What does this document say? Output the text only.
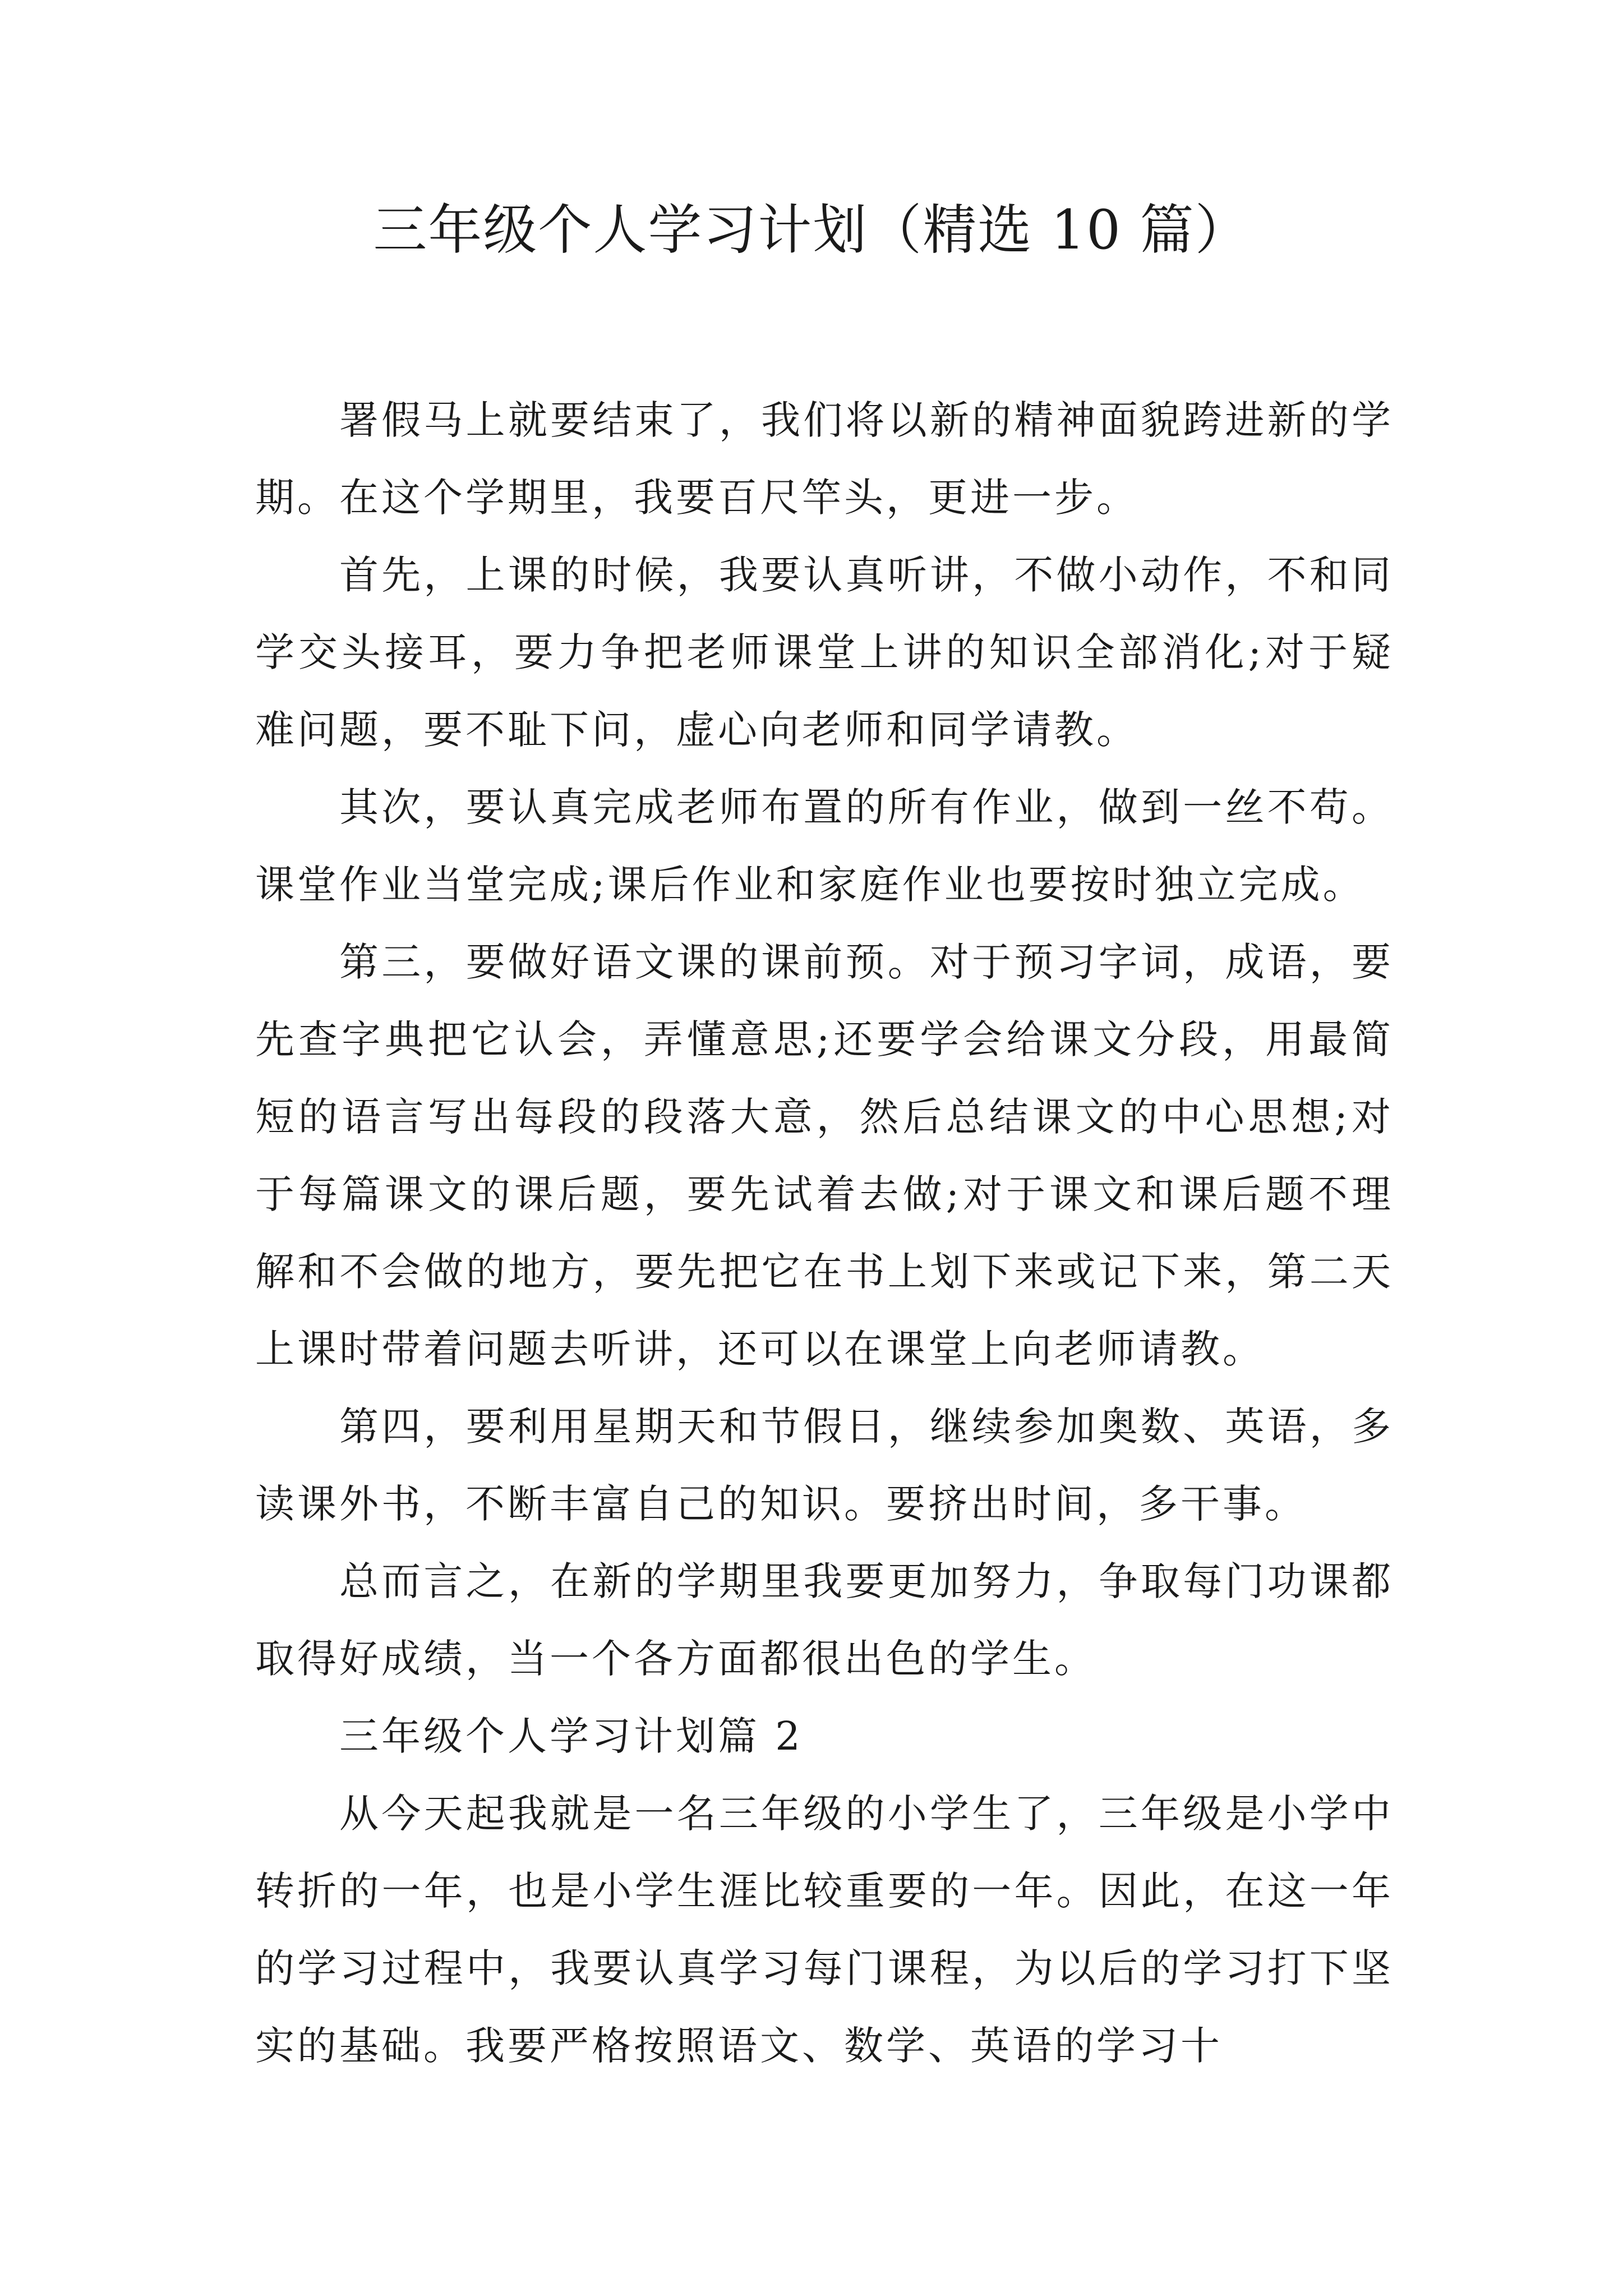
三年级个人学习计划（精选 10 篇）

署假马上就要结束了，我们将以新的精神面貌跨进新的学期。在这个学期里，我要百尺竿头，更进一步。

首先，上课的时候，我要认真听讲，不做小动作，不和同学交头接耳，要力争把老师课堂上讲的知识全部消化;对于疑难问题，要不耻下问，虚心向老师和同学请教。

其次，要认真完成老师布置的所有作业，做到一丝不苟。课堂作业当堂完成;课后作业和家庭作业也要按时独立完成。

第三，要做好语文课的课前预。对于预习字词，成语，要先查字典把它认会，弄懂意思;还要学会给课文分段，用最简短的语言写出每段的段落大意，然后总结课文的中心思想;对于每篇课文的课后题，要先试着去做;对于课文和课后题不理解和不会做的地方，要先把它在书上划下来或记下来，第二天上课时带着问题去听讲，还可以在课堂上向老师请教。

第四，要利用星期天和节假日，继续参加奥数、英语，多读课外书，不断丰富自己的知识。要挤出时间，多干事。

总而言之，在新的学期里我要更加努力，争取每门功课都取得好成绩，当一个各方面都很出色的学生。

三年级个人学习计划篇 2

从今天起我就是一名三年级的小学生了，三年级是小学中转折的一年，也是小学生涯比较重要的一年。因此，在这一年的学习过程中，我要认真学习每门课程，为以后的学习打下坚实的基础。我要严格按照语文、数学、英语的学习十
